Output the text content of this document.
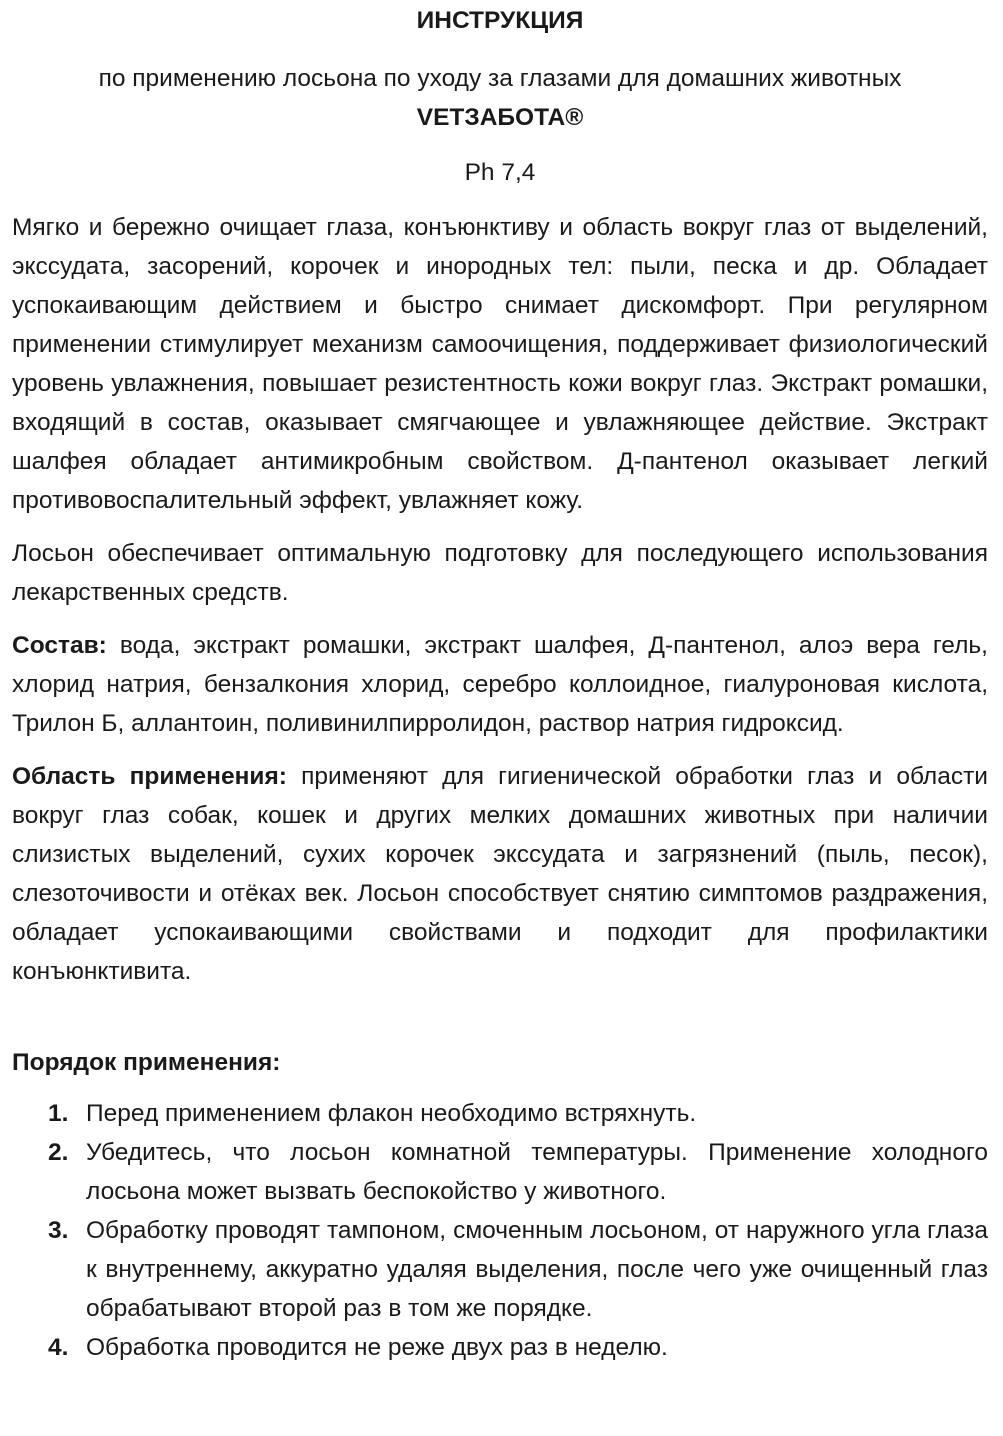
ИНСТРУКЦИЯ

по применению лосьона по уходу за глазами для домашних животных

VETЗАБОТА®

Ph 7,4

Мягко и бережно очищает глаза, конъюнктиву и область вокруг глаз от выделений, экссудата, засорений, корочек и инородных тел: пыли, песка и др. Обладает успокаивающим действием и быстро снимает дискомфорт. При регулярном применении стимулирует механизм самоочищения, поддерживает физиологический уровень увлажнения, повышает резистентность кожи вокруг глаз. Экстракт ромашки, входящий в состав, оказывает смягчающее и увлажняющее действие. Экстракт шалфея обладает антимикробным свойством. Д-пантенол оказывает легкий противовоспалительный эффект, увлажняет кожу.

Лосьон обеспечивает оптимальную подготовку для последующего использования лекарственных средств.

Состав: вода, экстракт ромашки, экстракт шалфея, Д-пантенол, алоэ вера гель, хлорид натрия, бензалкония хлорид, серебро коллоидное, гиалуроновая кислота, Трилон Б, аллантоин, поливинилпирролидон, раствор натрия гидроксид.

Область применения: применяют для гигиенической обработки глаз и области вокруг глаз собак, кошек и других мелких домашних животных при наличии слизистых выделений, сухих корочек экссудата и загрязнений (пыль, песок), слезоточивости и отёках век. Лосьон способствует снятию симптомов раздражения, обладает успокаивающими свойствами и подходит для профилактики конъюнктивита.

Порядок применения:

1. Перед применением флакон необходимо встряхнуть.
2. Убедитесь, что лосьон комнатной температуры. Применение холодного лосьона может вызвать беспокойство у животного.
3. Обработку проводят тампоном, смоченным лосьоном, от наружного угла глаза к внутреннему, аккуратно удаляя выделения, после чего уже очищенный глаз обрабатывают второй раз в том же порядке.
4. Обработка проводится не реже двух раз в неделю.
